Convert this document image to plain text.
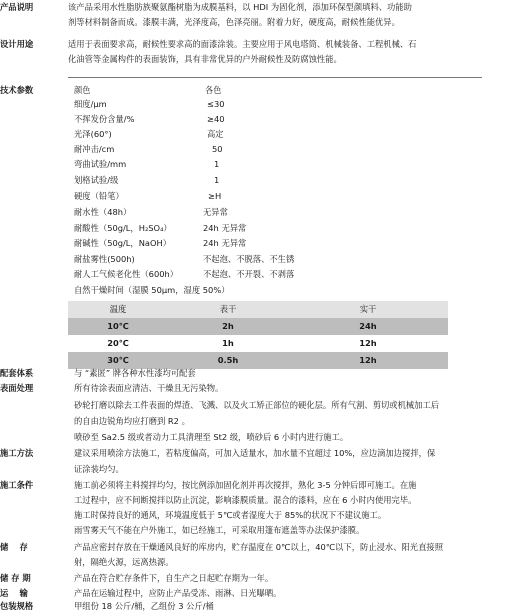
产品说明	该产品采用水性脂肪族聚氨酯树脂为成膜基料，以 HDI 为固化剂，添加环保型颜填料、功能助
剂等材料制备而成。漆膜丰满，光泽度高，色泽亮丽。附着力好，硬度高，耐候性能优异。
设计用途	适用于表面要求高，耐候性要求高的面漆涂装。主要应用于风电塔筒、机械装备、工程机械、石
化油管等金属构件的表面装饰，具有非常优异的户外耐候性及防腐蚀性能。
技术参数	颜色	各色
细度/μm	≤30
不挥发份含量/%	≥40
光泽(60°)	高定
耐冲击/cm	50
弯曲试验/mm	1
划格试验/级	1
硬度（铅笔）	≥H
耐水性（48h）	无异常
耐酸性（50g/L，H₂SO₄）	24h 无异常
耐碱性（50g/L，NaOH）	24h 无异常
耐盐雾性(500h)	不起泡、不脱落、不生锈
耐人工气候老化性（600h）	不起泡、不开裂、不剥落
自然干燥时间（湿膜 50μm，湿度 50%）
温度	表干	实干
10℃	2h	24h
20℃	1h	12h
30℃	0.5h	12h
配套体系	与 “素匿” 牌各种水性漆均可配套
表面处理	所有待涂表面应清洁、干燥且无污染物。
砂轮打磨以除去工件表面的焊渣、飞溅、以及火工矫正部位的硬化层。所有气割、剪切或机械加工后
的自由边锐角均应打磨到 R2 。
喷砂至 Sa2.5 级或者动力工具清理至 St2 级，喷砂后 6 小时内进行施工。
施工方法	建议采用喷涂方法施工，若粘度偏高，可加入适量水，加水量不宜超过 10%，应边滴加边搅拌，保
证涂装均匀。
施工条件	施工前必须将主料搅拌均匀，按比例添加固化剂并再次搅拌，熟化 3-5 分钟后即可施工。在施
工过程中，应不间断搅拌以防止沉淀，影响漆膜质量。混合的漆料，应在 6 小时内使用完毕。
施工时保持良好的通风，环境温度低于 5℃或者湿度大于 85%的状况下不建议施工。
雨雪雾天气不能在户外施工，如已经施工，可采取用篷布遮盖等办法保护漆膜。
储　 存	产品应密封存放在干燥通风良好的库房内，贮存温度在 0℃以上，40℃以下，防止浸水、阳光直接照
射，隔绝火源，远离热源。
储 存 期	产品在符合贮存条件下，自生产之日起贮存期为一年。
运　 输	产品在运输过程中，应防止产品受冻、雨淋、日光曝晒。
包装规格	甲组份 18 公斤/桶，乙组份 3 公斤/桶
